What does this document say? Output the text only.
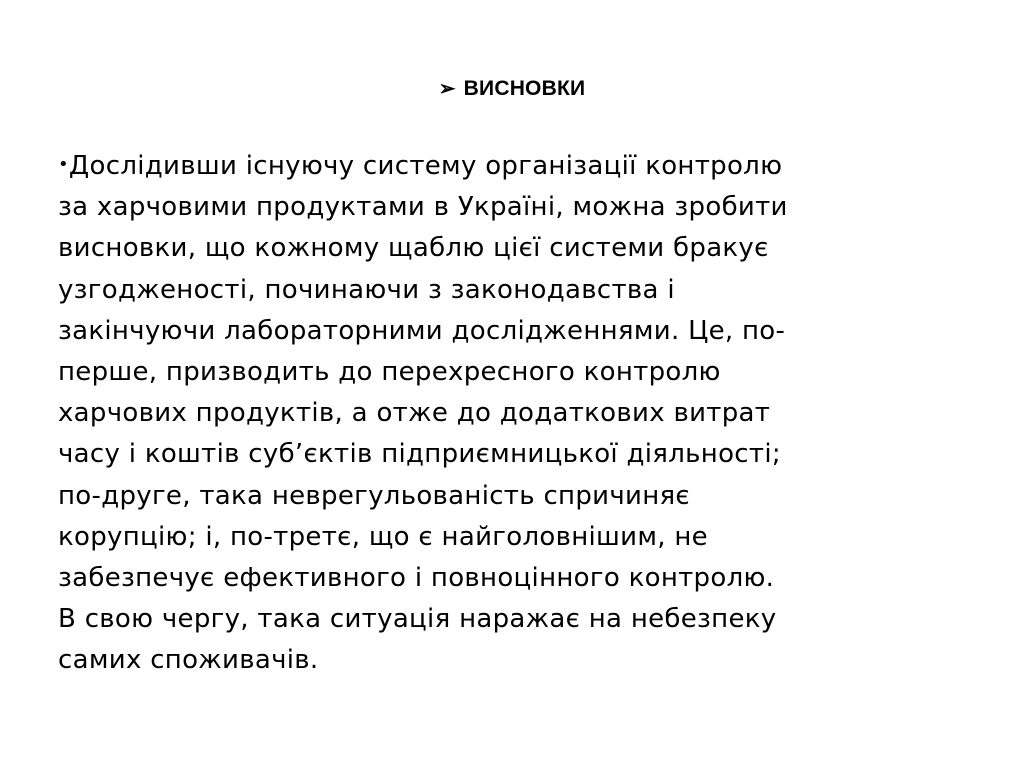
➢ ВИСНОВКИ
•Дослідивши існуючу систему організації контролю
за харчовими продуктами в Україні, можна зробити
висновки, що кожному щаблю цієї системи бракує
узгодженості, починаючи з законодавства і
закінчуючи лабораторними дослідженнями. Це, по-
перше, призводить до перехресного контролю
харчових продуктів, а отже до додаткових витрат
часу і коштів суб’єктів підприємницької діяльності;
по-друге, така неврегульованість спричиняє
корупцію; і, по-третє, що є найголовнішим, не
забезпечує ефективного і повноцінного контролю.
В свою чергу, така ситуація наражає на небезпеку
самих споживачів.
